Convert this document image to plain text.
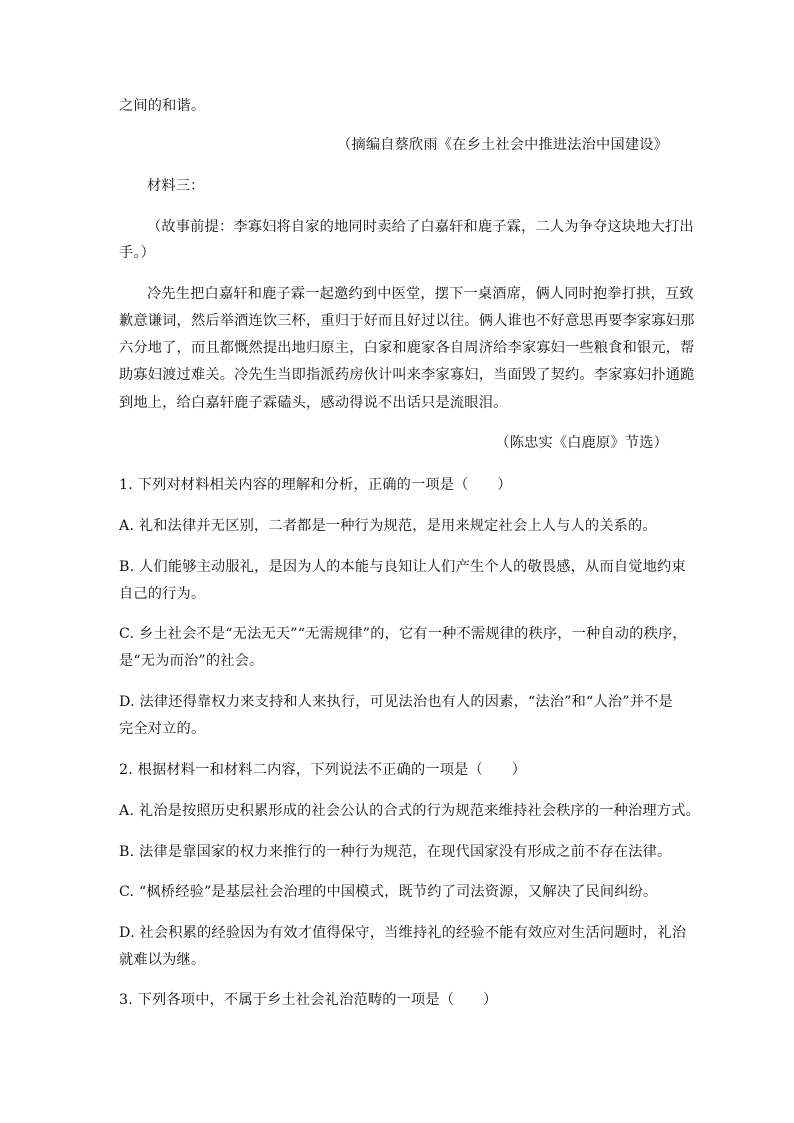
之间的和谐。
（摘编自蔡欣雨《在乡土社会中推进法治中国建设》
材料三：
（故事前提：李寡妇将自家的地同时卖给了白嘉轩和鹿子霖，二人为争夺这块地大打出
手。）
冷先生把白嘉轩和鹿子霖一起邀约到中医堂，摆下一桌酒席，俩人同时抱拳打拱，互致
歉意谦词，然后举酒连饮三杯，重归于好而且好过以往。俩人谁也不好意思再要李家寡妇那
六分地了，而且都慨然提出地归原主，白家和鹿家各自周济给李家寡妇一些粮食和银元，帮
助寡妇渡过难关。冷先生当即指派药房伙计叫来李家寡妇，当面毁了契约。李家寡妇扑通跪
到地上，给白嘉轩鹿子霖磕头，感动得说不出话只是流眼泪。
（陈忠实《白鹿原》节选）
1. 下列对材料相关内容的理解和分析，正确的一项是（　　）
A. 礼和法律并无区别，二者都是一种行为规范，是用来规定社会上人与人的关系的。
B. 人们能够主动服礼，是因为人的本能与良知让人们产生个人的敬畏感，从而自觉地约束
自己的行为。
C. 乡土社会不是“无法无天”“无需规律”的，它有一种不需规律的秩序，一种自动的秩序，
是“无为而治”的社会。
D. 法律还得靠权力来支持和人来执行，可见法治也有人的因素，“法治”和“人治”并不是
完全对立的。
2. 根据材料一和材料二内容，下列说法不正确的一项是（　　）
A. 礼治是按照历史积累形成的社会公认的合式的行为规范来维持社会秩序的一种治理方式。
B. 法律是靠国家的权力来推行的一种行为规范，在现代国家没有形成之前不存在法律。
C. “枫桥经验”是基层社会治理的中国模式，既节约了司法资源，又解决了民间纠纷。
D. 社会积累的经验因为有效才值得保守，当维持礼的经验不能有效应对生活问题时，礼治
就难以为继。
3. 下列各项中，不属于乡土社会礼治范畴的一项是（　　）
